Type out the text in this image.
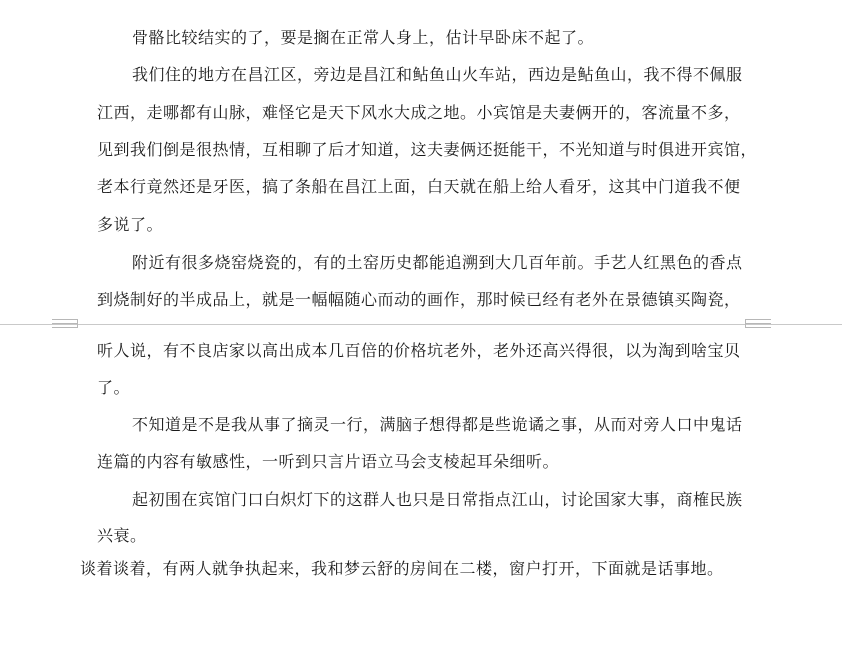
骨骼比较结实的了，要是搁在正常人身上，估计早卧床不起了。
我们住的地方在昌江区，旁边是昌江和鲇鱼山火车站，西边是鲇鱼山，我不得不佩服
江西，走哪都有山脉，难怪它是天下风水大成之地。小宾馆是夫妻俩开的，客流量不多，
见到我们倒是很热情，互相聊了后才知道，这夫妻俩还挺能干，不光知道与时俱进开宾馆，
老本行竟然还是牙医，搞了条船在昌江上面，白天就在船上给人看牙，这其中门道我不便
多说了。
附近有很多烧窑烧瓷的，有的土窑历史都能追溯到大几百年前。手艺人红黑色的香点
到烧制好的半成品上，就是一幅幅随心而动的画作，那时候已经有老外在景德镇买陶瓷，
听人说，有不良店家以高出成本几百倍的价格坑老外，老外还高兴得很，以为淘到啥宝贝
了。
不知道是不是我从事了摘灵一行，满脑子想得都是些诡谲之事，从而对旁人口中鬼话
连篇的内容有敏感性，一听到只言片语立马会支棱起耳朵细听。
起初围在宾馆门口白炽灯下的这群人也只是日常指点江山，讨论国家大事，商榷民族
兴衰。
谈着谈着，有两人就争执起来，我和梦云舒的房间在二楼，窗户打开，下面就是话事地。
